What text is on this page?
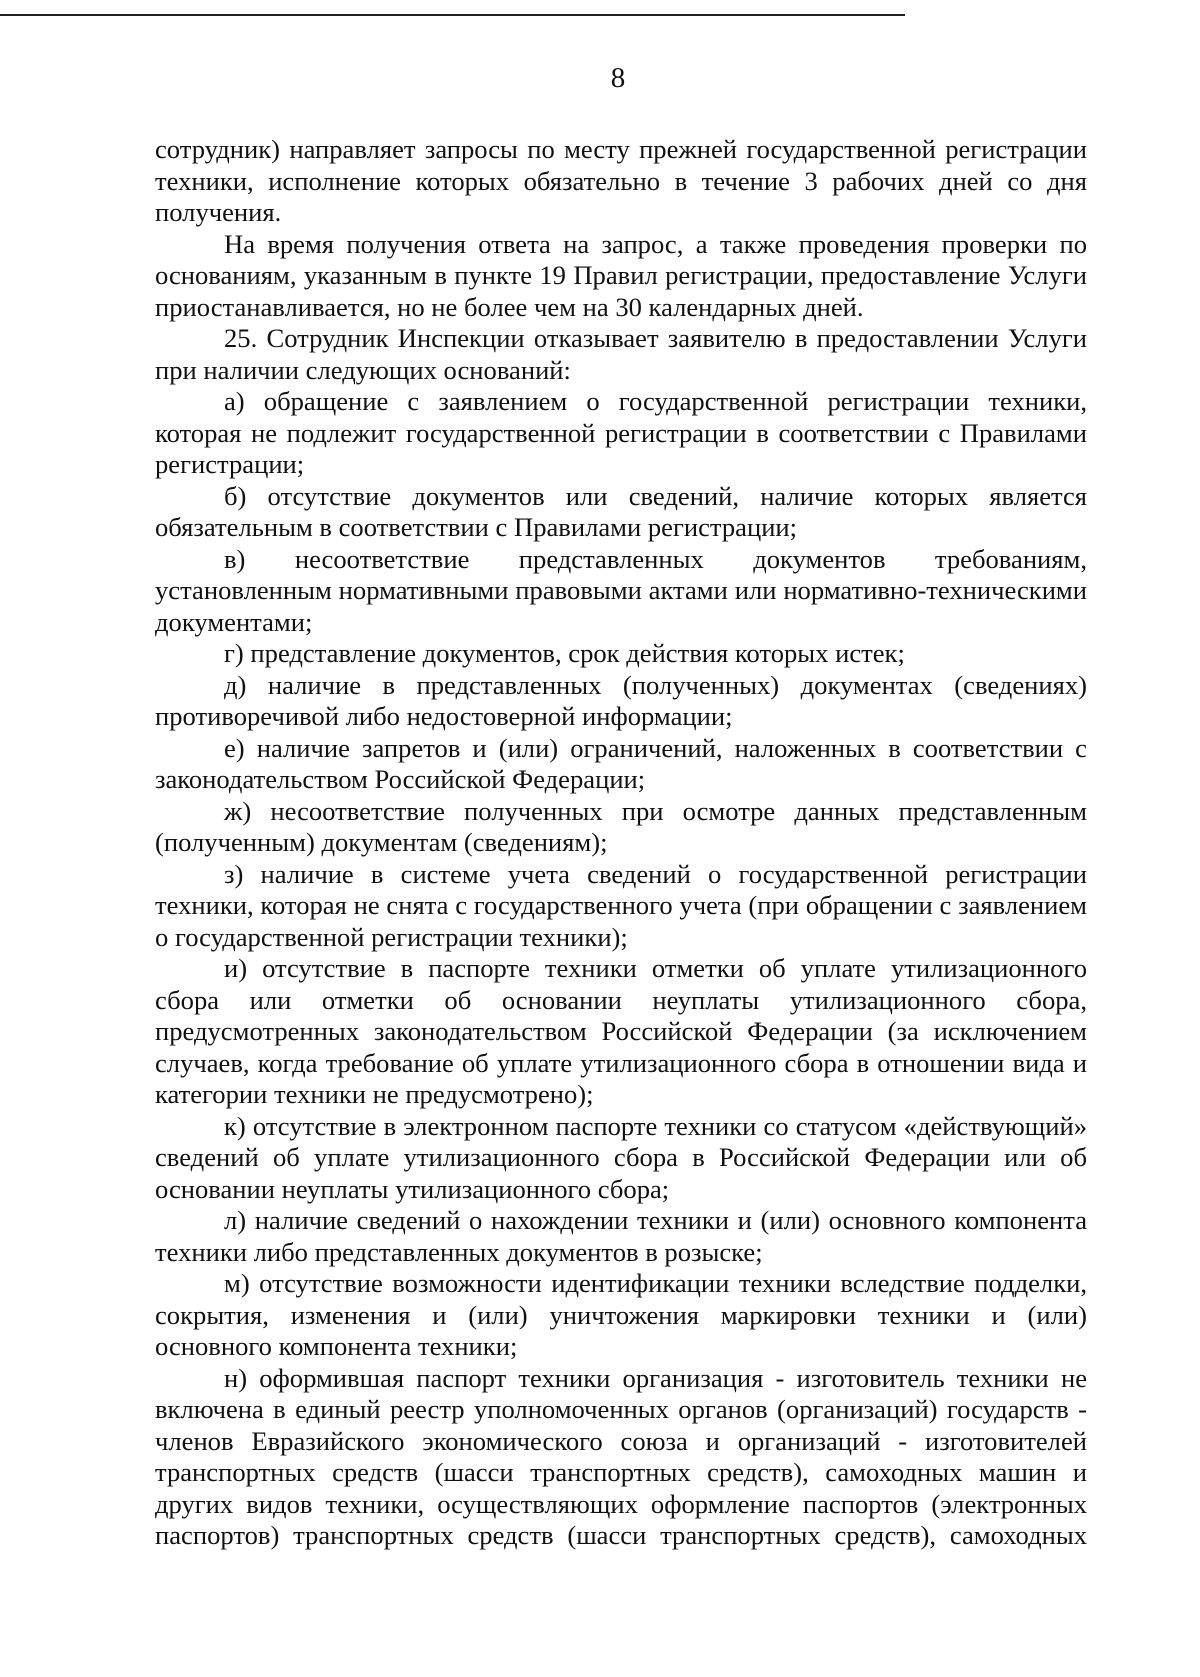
8

сотрудник) направляет запросы по месту прежней государственной регистрации техники, исполнение которых обязательно в течение 3 рабочих дней со дня получения.

На время получения ответа на запрос, а также проведения проверки по основаниям, указанным в пункте 19 Правил регистрации, предоставление Услуги приостанавливается, но не более чем на 30 календарных дней.

25. Сотрудник Инспекции отказывает заявителю в предоставлении Услуги при наличии следующих оснований:

а) обращение с заявлением о государственной регистрации техники, которая не подлежит государственной регистрации в соответствии с Правилами регистрации;

б) отсутствие документов или сведений, наличие которых является обязательным в соответствии с Правилами регистрации;

в) несоответствие представленных документов требованиям, установленным нормативными правовыми актами или нормативно-техническими документами;

г) представление документов, срок действия которых истек;

д) наличие в представленных (полученных) документах (сведениях) противоречивой либо недостоверной информации;

е) наличие запретов и (или) ограничений, наложенных в соответствии с законодательством Российской Федерации;

ж) несоответствие полученных при осмотре данных представленным (полученным) документам (сведениям);

з) наличие в системе учета сведений о государственной регистрации техники, которая не снята с государственного учета (при обращении с заявлением о государственной регистрации техники);

и) отсутствие в паспорте техники отметки об уплате утилизационного сбора или отметки об основании неуплаты утилизационного сбора, предусмотренных законодательством Российской Федерации (за исключением случаев, когда требование об уплате утилизационного сбора в отношении вида и категории техники не предусмотрено);

к) отсутствие в электронном паспорте техники со статусом «действующий» сведений об уплате утилизационного сбора в Российской Федерации или об основании неуплаты утилизационного сбора;

л) наличие сведений о нахождении техники и (или) основного компонента техники либо представленных документов в розыске;

м) отсутствие возможности идентификации техники вследствие подделки, сокрытия, изменения и (или) уничтожения маркировки техники и (или) основного компонента техники;

н) оформившая паспорт техники организация - изготовитель техники не включена в единый реестр уполномоченных органов (организаций) государств - членов Евразийского экономического союза и организаций - изготовителей транспортных средств (шасси транспортных средств), самоходных машин и других видов техники, осуществляющих оформление паспортов (электронных паспортов) транспортных средств (шасси транспортных средств), самоходных
